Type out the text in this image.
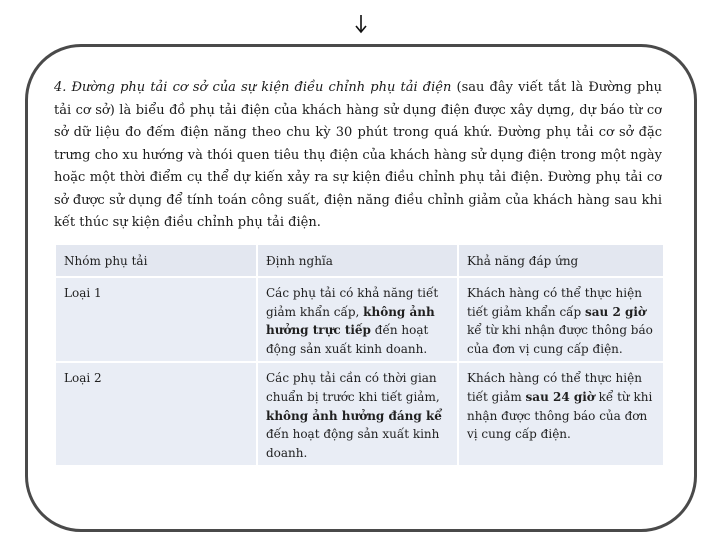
4. Đường phụ tải cơ sở của sự kiện điều chỉnh phụ tải điện (sau đây viết tắt là Đường phụ tải cơ sở) là biểu đồ phụ tải điện của khách hàng sử dụng điện được xây dựng, dự báo từ cơ sở dữ liệu đo đếm điện năng theo chu kỳ 30 phút trong quá khứ. Đường phụ tải cơ sở đặc trưng cho xu hướng và thói quen tiêu thụ điện của khách hàng sử dụng điện trong một ngày hoặc một thời điểm cụ thể dự kiến xảy ra sự kiện điều chỉnh phụ tải điện. Đường phụ tải cơ sở được sử dụng để tính toán công suất, điện năng điều chỉnh giảm của khách hàng sau khi kết thúc sự kiện điều chỉnh phụ tải điện.

Nhóm phụ tải	Định nghĩa	Khả năng đáp ứng
Loại 1	Các phụ tải có khả năng tiết giảm khẩn cấp, không ảnh hưởng trực tiếp đến hoạt động sản xuất kinh doanh.	Khách hàng có thể thực hiện tiết giảm khẩn cấp sau 2 giờ kể từ khi nhận được thông báo của đơn vị cung cấp điện.
Loại 2	Các phụ tải cần có thời gian chuẩn bị trước khi tiết giảm, không ảnh hưởng đáng kể đến hoạt động sản xuất kinh doanh.	Khách hàng có thể thực hiện tiết giảm sau 24 giờ kể từ khi nhận được thông báo của đơn vị cung cấp điện.
